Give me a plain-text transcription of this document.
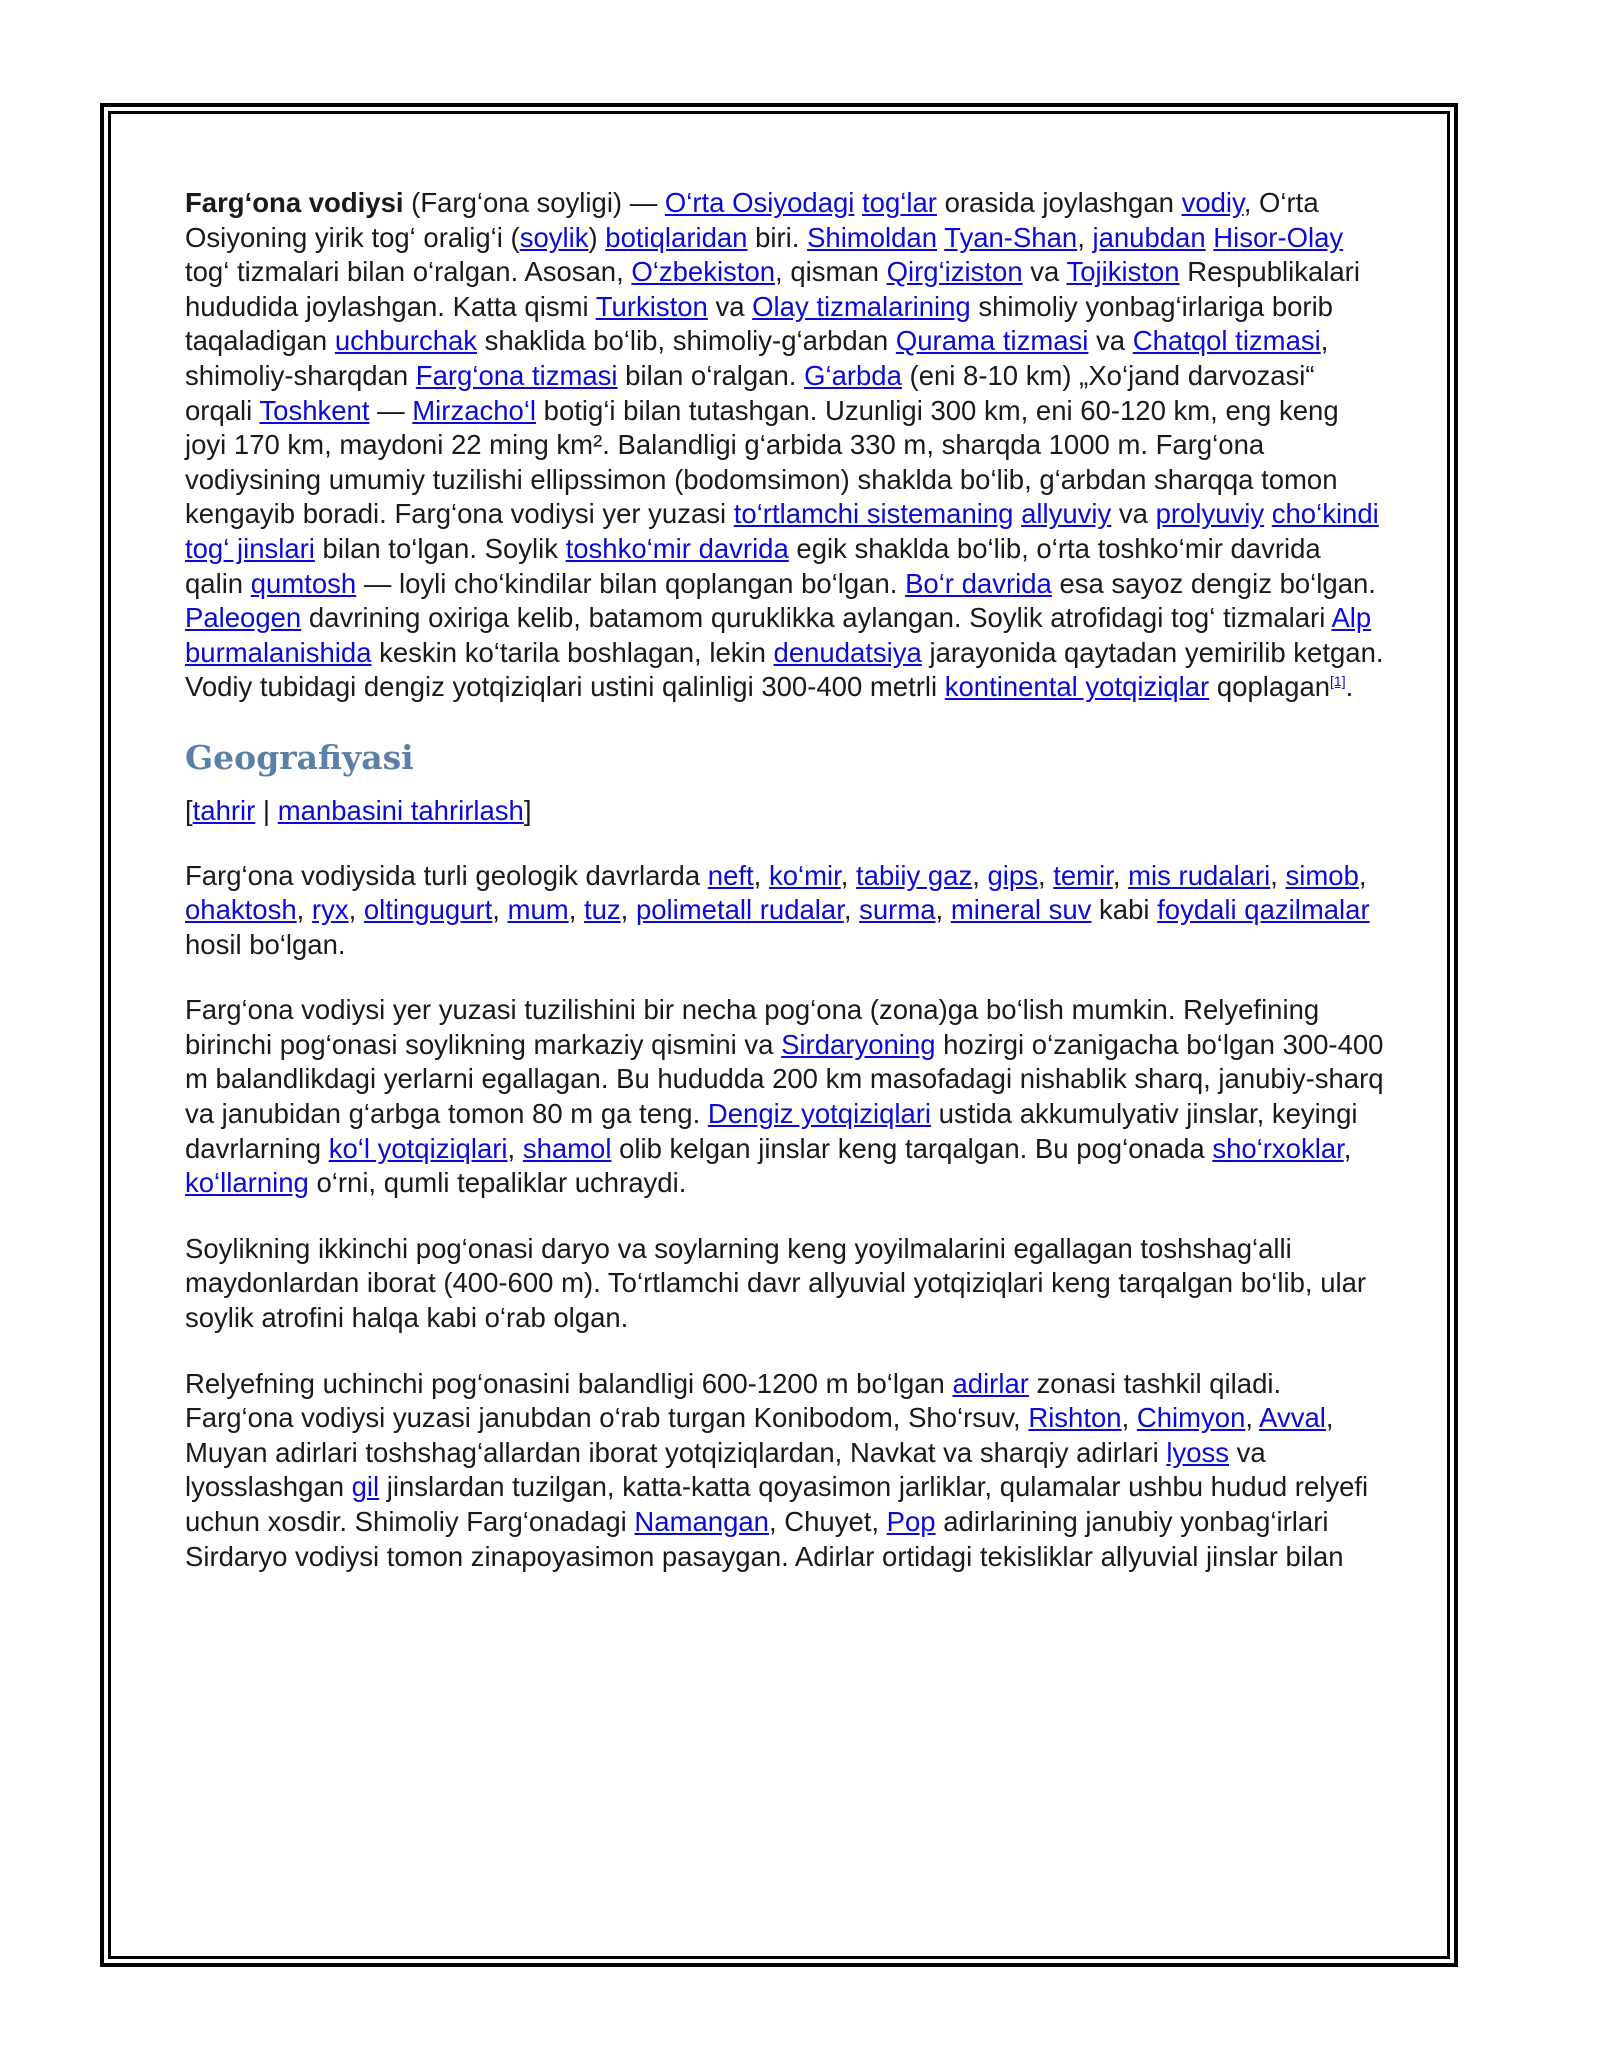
Farg‘ona vodiysi (Farg‘ona soyligi) — O‘rta Osiyodagi tog‘lar orasida joylashgan vodiy, O‘rta Osiyoning yirik tog‘ oralig‘i (soylik) botiqlaridan biri. Shimoldan Tyan-Shan, janubdan Hisor-Olay tog‘ tizmalari bilan o‘ralgan. Asosan, O‘zbekiston, qisman Qirg‘iziston va Tojikiston Respublikalari hududida joylashgan. Katta qismi Turkiston va Olay tizmalarining shimoliy yonbag‘irlariga borib taqaladigan uchburchak shaklida bo‘lib, shimoliy-g‘arbdan Qurama tizmasi va Chatqol tizmasi, shimoliy-sharqdan Farg‘ona tizmasi bilan o‘ralgan. G‘arbda (eni 8-10 km) „Xo‘jand darvozasi“ orqali Toshkent — Mirzacho‘l botig‘i bilan tutashgan. Uzunligi 300 km, eni 60-120 km, eng keng joyi 170 km, maydoni 22 ming km². Balandligi g‘arbida 330 m, sharqda 1000 m. Farg‘ona vodiysining umumiy tuzilishi ellipssimon (bodomsimon) shaklda bo‘lib, g‘arbdan sharqqa tomon kengayib boradi. Farg‘ona vodiysi yer yuzasi to‘rtlamchi sistemaning allyuviy va prolyuviy cho‘kindi tog‘ jinslari bilan to‘lgan. Soylik toshko‘mir davrida egik shaklda bo‘lib, o‘rta toshko‘mir davrida qalin qumtosh — loyli cho‘kindilar bilan qoplangan bo‘lgan. Bo‘r davrida esa sayoz dengiz bo‘lgan. Paleogen davrining oxiriga kelib, batamom quruklikka aylangan. Soylik atrofidagi tog‘ tizmalari Alp burmalanishida keskin ko‘tarila boshlagan, lekin denudatsiya jarayonida qaytadan yemirilib ketgan. Vodiy tubidagi dengiz yotqiziqlari ustini qalinligi 300-400 metrli kontinental yotqiziqlar qoplagan[1].

Geografiyasi
[tahrir | manbasini tahrirlash]

Farg‘ona vodiysida turli geologik davrlarda neft, ko‘mir, tabiiy gaz, gips, temir, mis rudalari, simob, ohaktosh, ryx, oltingugurt, mum, tuz, polimetall rudalar, surma, mineral suv kabi foydali qazilmalar hosil bo‘lgan.

Farg‘ona vodiysi yer yuzasi tuzilishini bir necha pog‘ona (zona)ga bo‘lish mumkin. Relyefining birinchi pog‘onasi soylikning markaziy qismini va Sirdaryoning hozirgi o‘zanigacha bo‘lgan 300-400 m balandlikdagi yerlarni egallagan. Bu hududda 200 km masofadagi nishablik sharq, janubiy-sharq va janubidan g‘arbga tomon 80 m ga teng. Dengiz yotqiziqlari ustida akkumulyativ jinslar, keyingi davrlarning ko‘l yotqiziqlari, shamol olib kelgan jinslar keng tarqalgan. Bu pog‘onada sho‘rxoklar, ko‘llarning o‘rni, qumli tepaliklar uchraydi.

Soylikning ikkinchi pog‘onasi daryo va soylarning keng yoyilmalarini egallagan toshshag‘alli maydonlardan iborat (400-600 m). To‘rtlamchi davr allyuvial yotqiziqlari keng tarqalgan bo‘lib, ular soylik atrofini halqa kabi o‘rab olgan.

Relyefning uchinchi pog‘onasini balandligi 600-1200 m bo‘lgan adirlar zonasi tashkil qiladi. Farg‘ona vodiysi yuzasi janubdan o‘rab turgan Konibodom, Sho‘rsuv, Rishton, Chimyon, Avval, Muyan adirlari toshshag‘allardan iborat yotqiziqlardan, Navkat va sharqiy adirlari lyoss va lyosslashgan gil jinslardan tuzilgan, katta-katta qoyasimon jarliklar, qulamalar ushbu hudud relyefi uchun xosdir. Shimoliy Farg‘onadagi Namangan, Chuyet, Pop adirlarining janubiy yonbag‘irlari Sirdaryo vodiysi tomon zinapoyasimon pasaygan. Adirlar ortidagi tekisliklar allyuvial jinslar bilan
